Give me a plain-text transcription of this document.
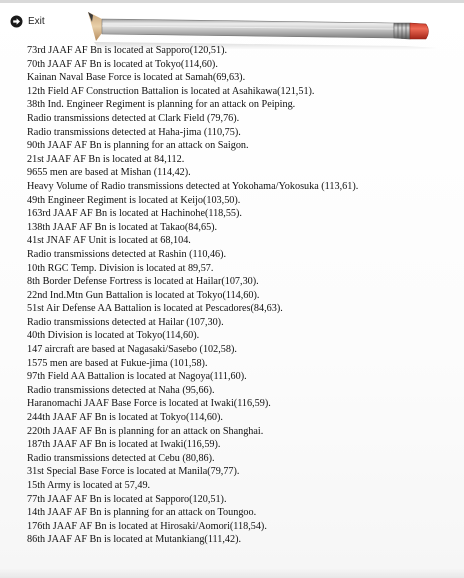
Exit
73rd JAAF AF Bn is located at Sapporo(120,51).
70th JAAF AF Bn is located at Tokyo(114,60).
Kainan Naval Base Force is located at Samah(69,63).
12th Field AF Construction Battalion is located at Asahikawa(121,51).
38th Ind. Engineer Regiment is planning for an attack on Peiping.
Radio transmissions detected at Clark Field (79,76).
Radio transmissions detected at Haha-jima (110,75).
90th JAAF AF Bn is planning for an attack on Saigon.
21st JAAF AF Bn is located at 84,112.
9655 men are based at Mishan (114,42).
Heavy Volume of Radio transmissions detected at Yokohama/Yokosuka (113,61).
49th Engineer Regiment is located at Keijo(103,50).
163rd JAAF AF Bn is located at Hachinohe(118,55).
138th JAAF AF Bn is located at Takao(84,65).
41st JNAF AF Unit is located at 68,104.
Radio transmissions detected at Rashin (110,46).
10th RGC Temp. Division is located at 89,57.
8th Border Defense Fortress is located at Hailar(107,30).
22nd Ind.Mtn Gun Battalion is located at Tokyo(114,60).
51st Air Defense AA Battalion is located at Pescadores(84,63).
Radio transmissions detected at Hailar (107,30).
40th Division is located at Tokyo(114,60).
147 aircraft are based at Nagasaki/Sasebo (102,58).
1575 men are based at Fukue-jima (101,58).
97th Field AA Battalion is located at Nagoya(111,60).
Radio transmissions detected at Naha (95,66).
Haranomachi JAAF Base Force is located at Iwaki(116,59).
244th JAAF AF Bn is located at Tokyo(114,60).
220th JAAF AF Bn is planning for an attack on Shanghai.
187th JAAF AF Bn is located at Iwaki(116,59).
Radio transmissions detected at Cebu (80,86).
31st Special Base Force is located at Manila(79,77).
15th Army is located at 57,49.
77th JAAF AF Bn is located at Sapporo(120,51).
14th JAAF AF Bn is planning for an attack on Toungoo.
176th JAAF AF Bn is located at Hirosaki/Aomori(118,54).
86th JAAF AF Bn is located at Mutankiang(111,42).
